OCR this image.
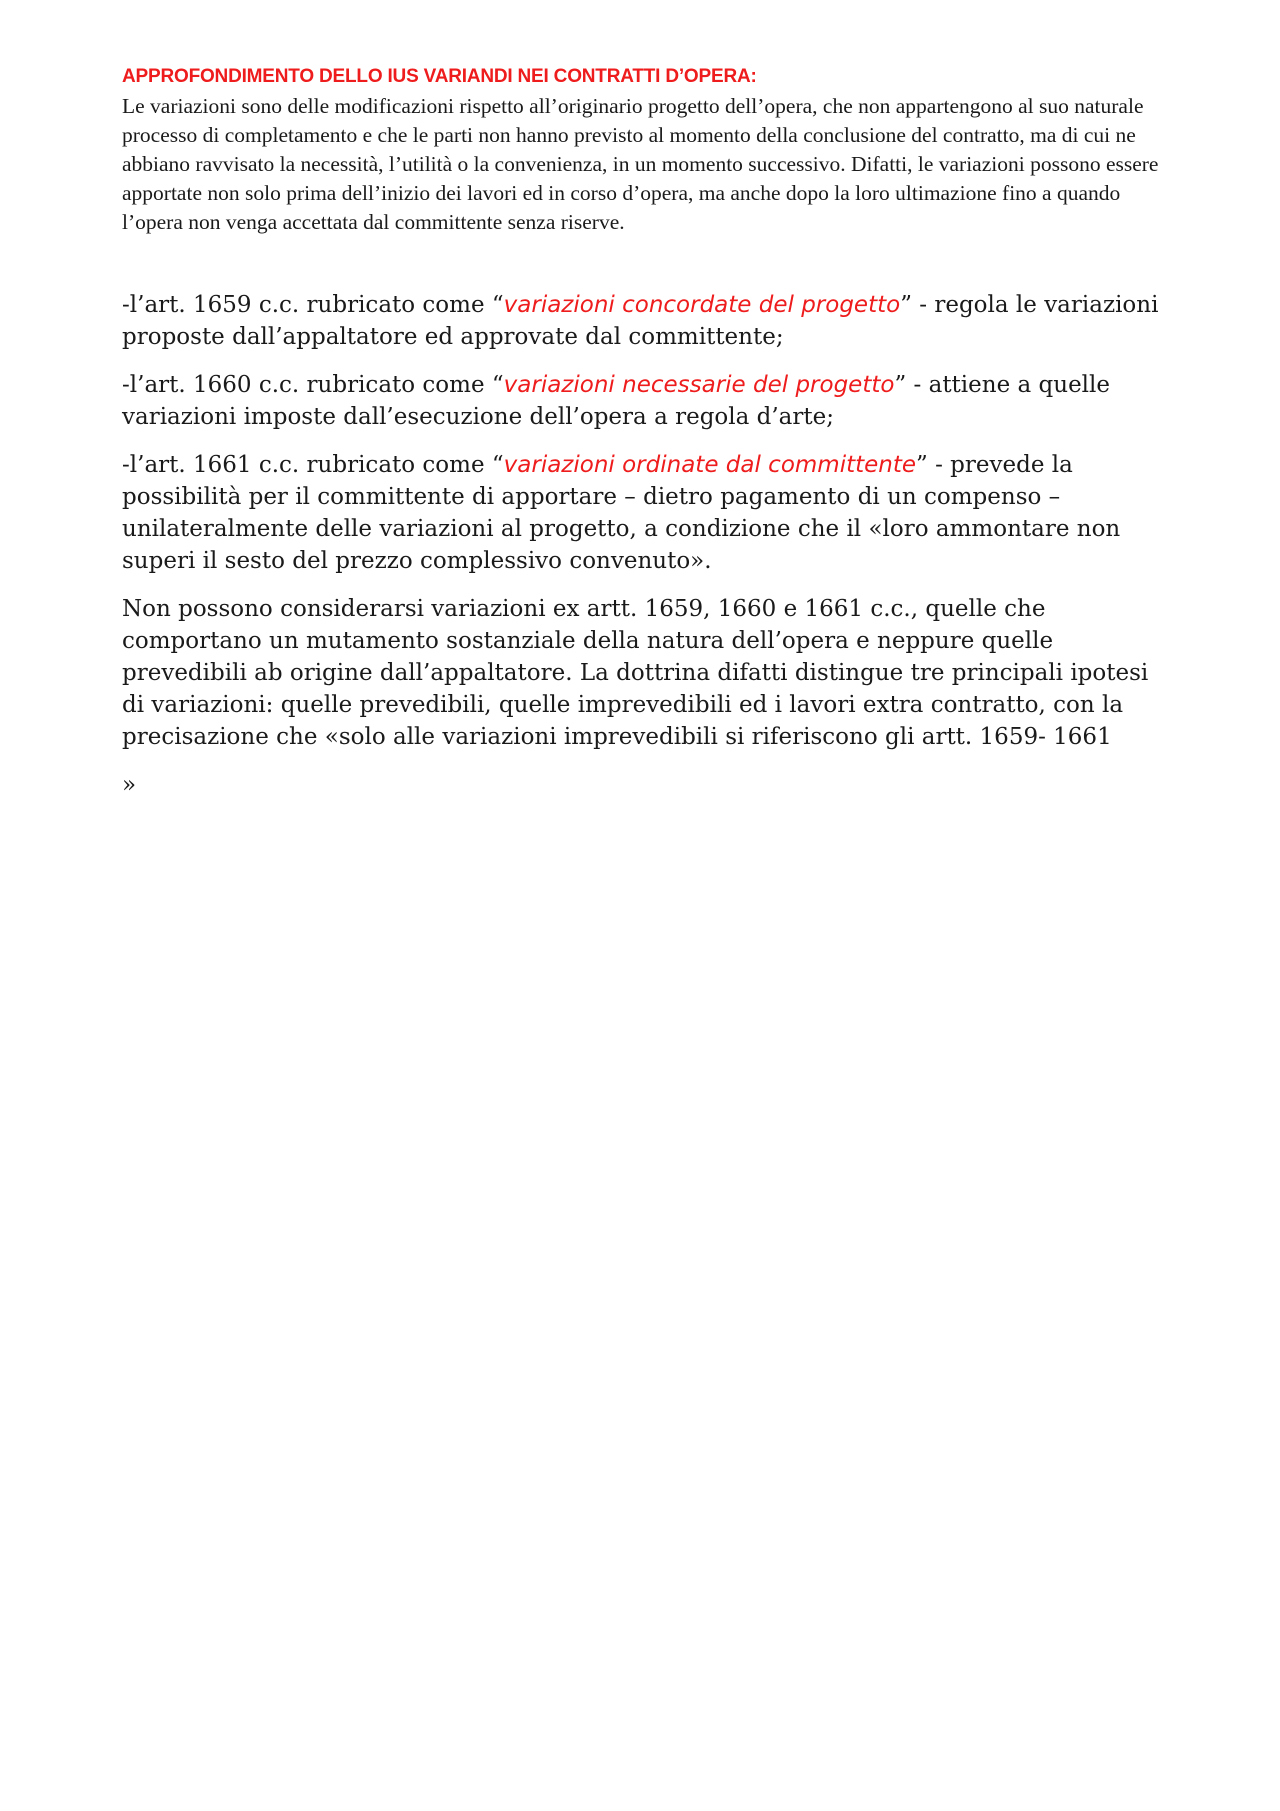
APPROFONDIMENTO DELLO IUS VARIANDI NEI CONTRATTI D’OPERA:

Le variazioni sono delle modificazioni rispetto all’originario progetto dell’opera, che non appartengono al suo naturale processo di completamento e che le parti non hanno previsto al momento della conclusione del contratto, ma di cui ne abbiano ravvisato la necessità, l’utilità o la convenienza, in un momento successivo. Difatti, le variazioni possono essere apportate non solo prima dell’inizio dei lavori ed in corso d’opera, ma anche dopo la loro ultimazione fino a quando l’opera non venga accettata dal committente senza riserve.

-l’art. 1659 c.c. rubricato come “variazioni concordate del progetto” - regola le variazioni proposte dall’appaltatore ed approvate dal committente;

-l’art. 1660 c.c. rubricato come “variazioni necessarie del progetto” - attiene a quelle variazioni imposte dall’esecuzione dell’opera a regola d’arte;

-l’art. 1661 c.c. rubricato come “variazioni ordinate dal committente” - prevede la possibilità per il committente di apportare – dietro pagamento di un compenso – unilateralmente delle variazioni al progetto, a condizione che il «loro ammontare non superi il sesto del prezzo complessivo convenuto».

Non possono considerarsi variazioni ex artt. 1659, 1660 e 1661 c.c., quelle che comportano un mutamento sostanziale della natura dell’opera e neppure quelle prevedibili ab origine dall’appaltatore. La dottrina difatti distingue tre principali ipotesi di variazioni: quelle prevedibili, quelle imprevedibili ed i lavori extra contratto, con la precisazione che «solo alle variazioni imprevedibili si riferiscono gli artt. 1659- 1661

»
